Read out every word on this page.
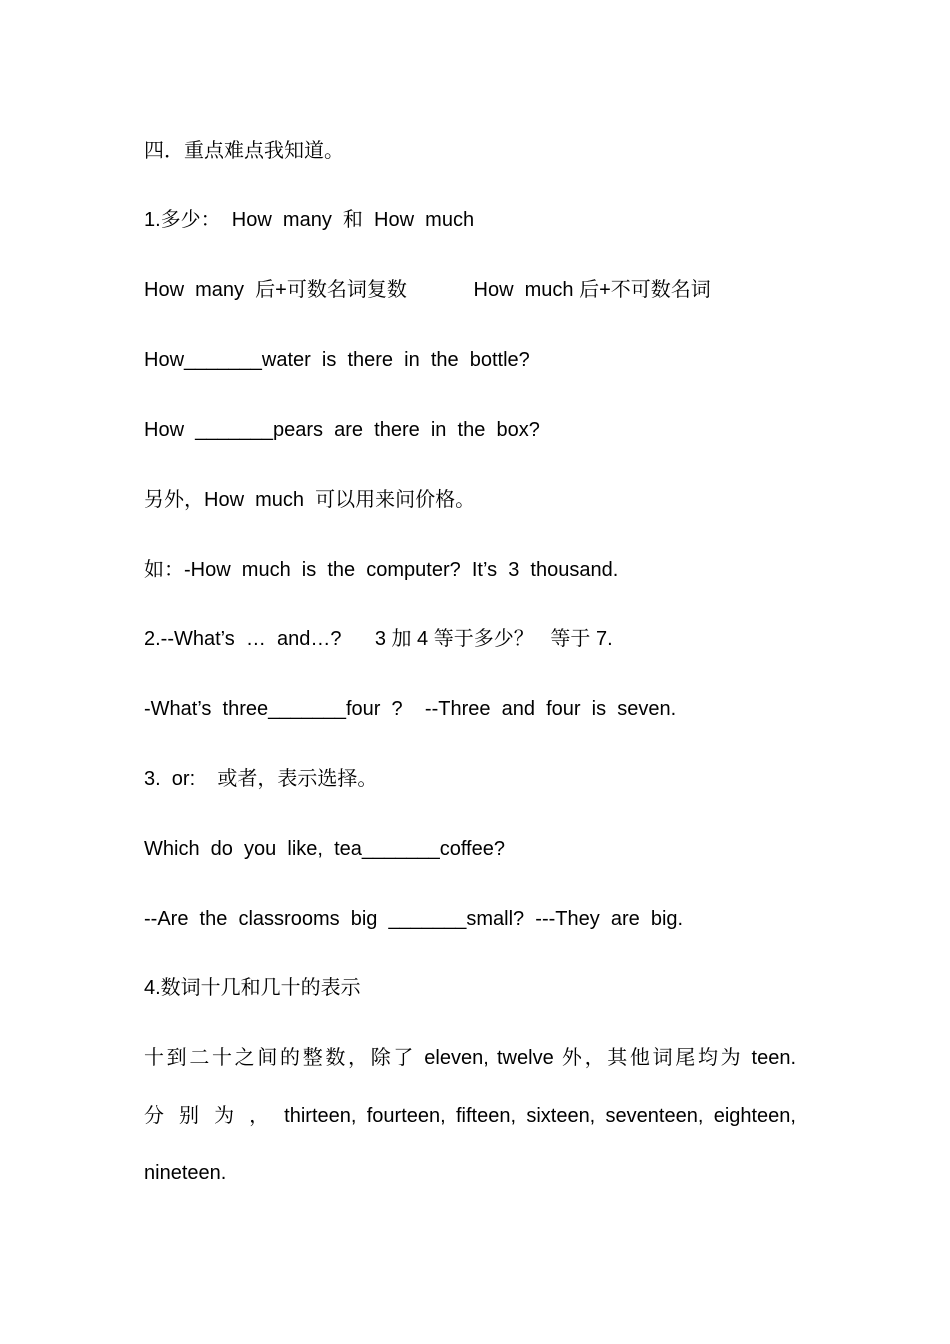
四．重点难点我知道。
1.多少：  How  many  和  How  much
How  many  后+可数名词复数            How  much 后+不可数名词
How_______water  is  there  in  the  bottle?
How  _______pears  are  there  in  the  box?
另外，How  much  可以用来问价格。
如：-How  much  is  the  computer?  It’s  3  thousand.
2.--What’s  …  and…?      3 加 4 等于多少？   等于 7.
-What’s  three_______four  ?    --Three  and  four  is  seven.
3.  or:    或者，表示选择。
Which  do  you  like,  tea_______coffee?
--Are  the  classrooms  big  _______small?  ---They  are  big.
4.数词十几和几十的表示
十到二十之间的整数，除了 eleven, twelve 外，其他词尾均为 teen.
分 别 为 ， thirteen, fourteen, fifteen, sixteen, seventeen, eighteen,
nineteen.
